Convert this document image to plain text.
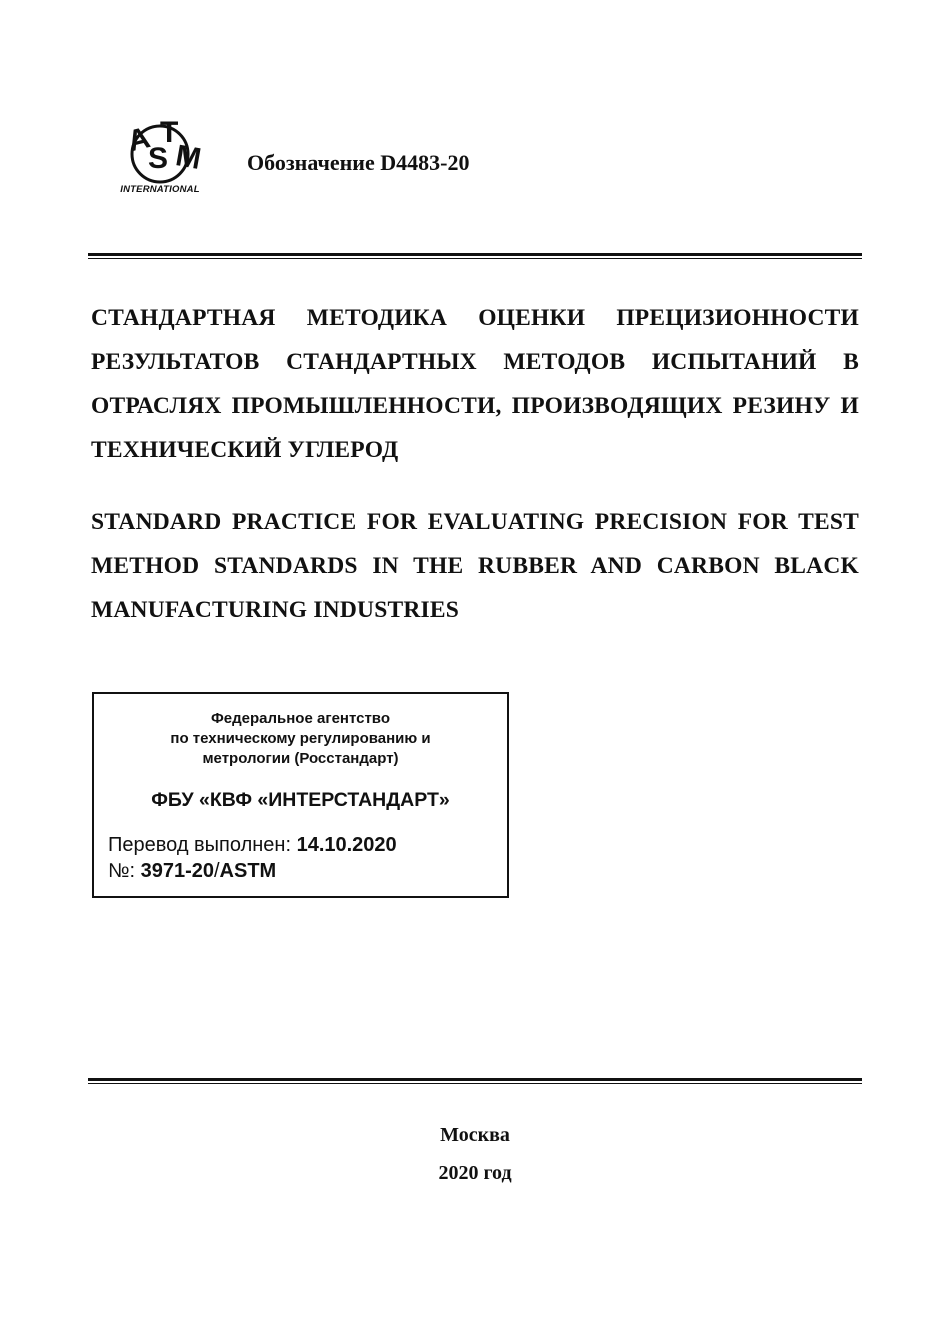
A
S
T
M
INTERNATIONAL
Обозначение D4483-20
СТАНДАРТНАЯ МЕТОДИКА ОЦЕНКИ ПРЕЦИЗИОННОСТИ РЕЗУЛЬТАТОВ СТАНДАРТНЫХ МЕТОДОВ ИСПЫТАНИЙ В ОТРАСЛЯХ ПРОМЫШЛЕННОСТИ, ПРОИЗВОДЯЩИХ РЕЗИНУ И ТЕХНИЧЕСКИЙ УГЛЕРОД
STANDARD PRACTICE FOR EVALUATING PRECISION FOR TEST METHOD STANDARDS IN THE RUBBER AND CARBON BLACK MANUFACTURING INDUSTRIES
Федеральное агентство
по техническому регулированию и
метрологии (Росстандарт)
ФБУ «КВФ «ИНТЕРСТАНДАРТ»
Перевод выполнен: 14.10.2020
№: 3971-20/ASTM
Москва
2020 год
